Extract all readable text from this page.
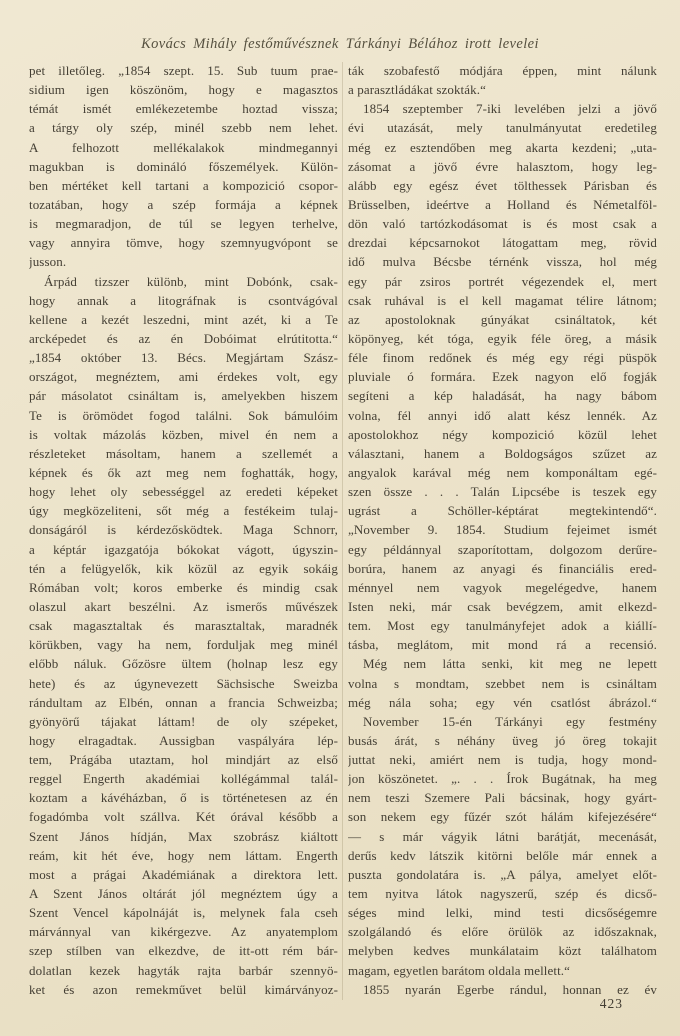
Kovács Mihály festőművésznek Tárkányi Bélához irott levelei
pet illetőleg. „1854 szept. 15. Sub tuum prae-
sidium igen köszönöm, hogy e magasztos
témát ismét emlékezetembe hoztad vissza;
a tárgy oly szép, minél szebb nem lehet.
A felhozott mellékalakok mindmegannyi
magukban is domináló főszemélyek. Külön-
ben mértéket kell tartani a kompozició csopor-
tozatában, hogy a szép formája a képnek
is megmaradjon, de túl se legyen terhelve,
vagy annyira tömve, hogy szemnyugvópont se
jusson.
Árpád tizszer különb, mint Dobónk, csak-
hogy annak a litográfnak is csontvágóval
kellene a kezét leszedni, mint azét, ki a Te
arcképedet és az én Dobóimat elrútitotta.“
„1854 október 13. Bécs. Megjártam Szász-
országot, megnéztem, ami érdekes volt, egy
pár másolatot csináltam is, amelyekben hiszem
Te is örömödet fogod találni. Sok bámulóim
is voltak mázolás közben, mivel én nem a
részleteket másoltam, hanem a szellemét a
képnek és ők azt meg nem foghatták, hogy,
hogy lehet oly sebességgel az eredeti képeket
úgy megközeliteni, sőt még a festékeim tulaj-
donságáról is kérdezősködtek. Maga Schnorr,
a képtár igazgatója bókokat vágott, úgyszin-
tén a felügyelők, kik közül az egyik sokáig
Rómában volt; koros emberke és mindig csak
olaszul akart beszélni. Az ismerős művészek
csak magasztaltak és marasztaltak, maradnék
körükben, vagy ha nem, forduljak meg minél
előbb náluk. Gőzösre ültem (holnap lesz egy
hete) és az úgynevezett Sächsische Sweizba
rándultam az Elbén, onnan a francia Schweizba;
gyönyörű tájakat láttam! de oly szépeket,
hogy elragadtak. Aussigban vaspályára lép-
tem, Prágába utaztam, hol mindjárt az első
reggel Engerth akadémiai kollégámmal talál-
koztam a kávéházban, ő is történetesen az én
fogadómba volt szállva. Két órával később a
Szent János hídján, Max szobrász kiáltott
reám, kit hét éve, hogy nem láttam. Engerth
most a prágai Akadémiának a direktora lett.
A Szent János oltárát jól megnéztem úgy a
Szent Vencel kápolnáját is, melynek fala cseh
márvánnyal van kikérgezve. Az anyatemplom
szep stílben van elkezdve, de itt-ott rém bár-
dolatlan kezek hagyták rajta barbár szennyö-
ket és azon remekművet belül kimárványoz-
ták szobafestő módjára éppen, mint nálunk
a parasztládákat szokták.“
1854 szeptember 7-iki levelében jelzi a jövő
évi utazását, mely tanulmányutat eredetileg
még ez esztendőben meg akarta kezdeni; „uta-
zásomat a jövő évre halasztom, hogy leg-
alább egy egész évet tölthessek Párisban és
Brüsselben, ideértve a Holland és Németalföl-
dön való tartózkodásomat is és most csak a
drezdai képcsarnokot látogattam meg, rövid
idő mulva Bécsbe térnénk vissza, hol még
egy pár zsiros portrét végezendek el, mert
csak ruhával is el kell magamat télire látnom;
az apostoloknak gúnyákat csináltatok, két
köpönyeg, két tóga, egyik féle öreg, a másik
féle finom redőnek és még egy régi püspök
pluviale ó formára. Ezek nagyon elő fogják
segíteni a kép haladását, ha nagy bábom
volna, fél annyi idő alatt kész lennék. Az
apostolokhoz négy kompozició közül lehet
választani, hanem a Boldogságos szűzet az
angyalok karával még nem komponáltam egé-
szen össze . . . Talán Lipcsébe is teszek egy
ugrást a Schöller-képtárat megtekintendő“.
„November 9. 1854. Studium fejeimet ismét
egy példánnyal szaporítottam, dolgozom derűre-
borúra, hanem az anyagi és financiális ered-
ménnyel nem vagyok megelégedve, hanem
Isten neki, már csak bevégzem, amit elkezd-
tem. Most egy tanulmányfejet adok a kiállí-
tásba, meglátom, mit mond rá a recensió.
Még nem látta senki, kit meg ne lepett
volna s mondtam, szebbet nem is csináltam
még nála soha; egy vén csatlóst ábrázol.“
November 15-én Tárkányi egy festmény
busás árát, s néhány üveg jó öreg tokajit
juttat neki, amiért nem is tudja, hogy mond-
jon köszönetet. „. . . Írok Bugátnak, ha meg
nem teszi Szemere Pali bácsinak, hogy gyárt-
son nekem egy fűzér szót hálám kifejezésére“
— s már vágyik látni barátját, mecenását,
derűs kedv látszik kitörni belőle már ennek a
puszta gondolatára is. „A pálya, amelyet előt-
tem nyitva látok nagyszerű, szép és dicső-
séges mind lelki, mind testi dicsőségemre
szolgálandó és előre örülök az időszaknak,
melyben kedves munkálataim közt találhatom
magam, egyetlen barátom oldala mellett.“
1855 nyarán Egerbe rándul, honnan ez év
423
